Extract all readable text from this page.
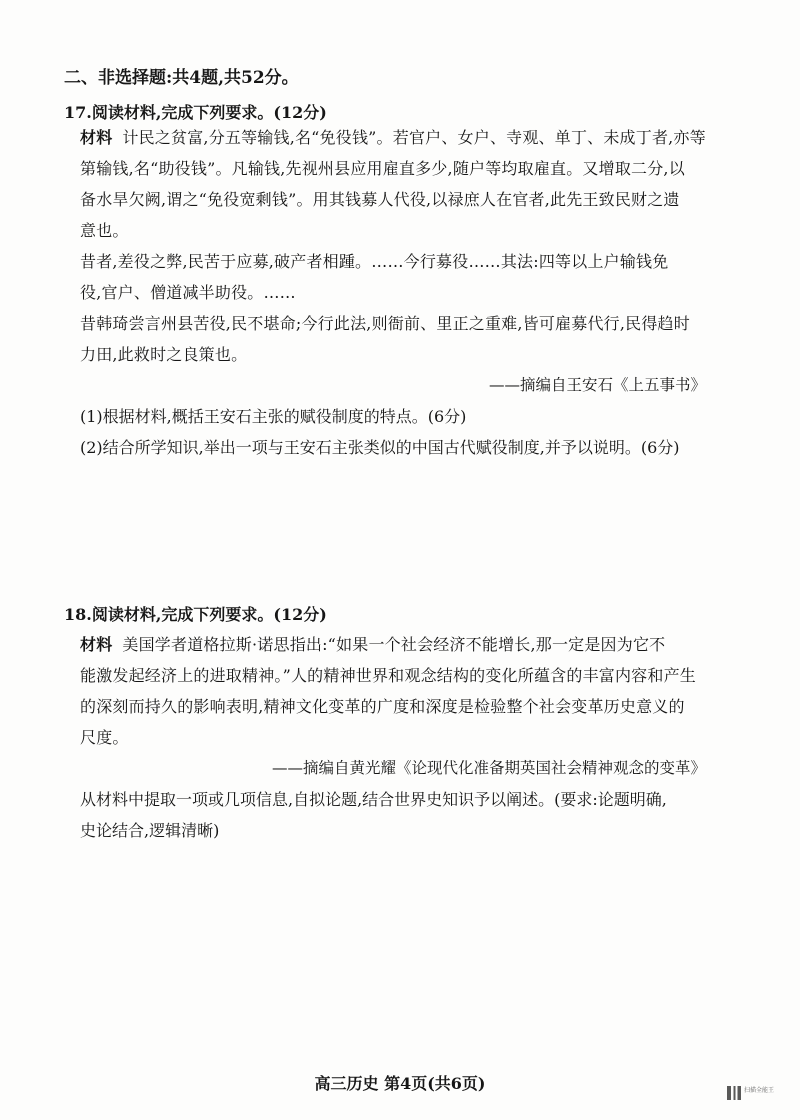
二、非选择题:共4题,共52分。
17.阅读材料,完成下列要求。(12分)
材料 计民之贫富,分五等输钱,名“免役钱”。若官户、女户、寺观、单丁、未成丁者,亦等
第输钱,名“助役钱”。凡输钱,先视州县应用雇直多少,随户等均取雇直。又增取二分,以
备水旱欠阙,谓之“免役宽剩钱”。用其钱募人代役,以禄庶人在官者,此先王致民财之遗
意也。
昔者,差役之弊,民苦于应募,破产者相踵。……今行募役……其法:四等以上户输钱免
役,官户、僧道减半助役。……
昔韩琦尝言州县苦役,民不堪命;今行此法,则衙前、里正之重难,皆可雇募代行,民得趋时
力田,此救时之良策也。
——摘编自王安石《上五事书》
(1)根据材料,概括王安石主张的赋役制度的特点。(6分)
(2)结合所学知识,举出一项与王安石主张类似的中国古代赋役制度,并予以说明。(6分)
18.阅读材料,完成下列要求。(12分)
材料 美国学者道格拉斯·诺思指出:“如果一个社会经济不能增长,那一定是因为它不
能激发起经济上的进取精神。”人的精神世界和观念结构的变化所蕴含的丰富内容和产生
的深刻而持久的影响表明,精神文化变革的广度和深度是检验整个社会变革历史意义的
尺度。
——摘编自黄光耀《论现代化准备期英国社会精神观念的变革》
从材料中提取一项或几项信息,自拟论题,结合世界史知识予以阐述。(要求:论题明确,
史论结合,逻辑清晰)
高三历史 第4页(共6页)	扫描全能王
